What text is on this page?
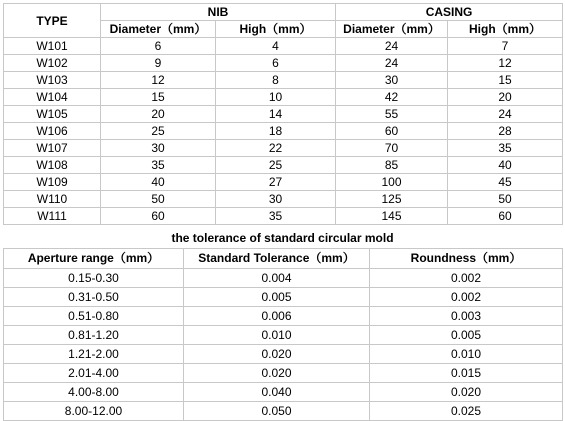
TYPE	NIB		CASING	
	Diameter（mm）	High（mm）	Diameter（mm）	High（mm）
W101	6	4	24	7
W102	9	6	24	12
W103	12	8	30	15
W104	15	10	42	20
W105	20	14	55	24
W106	25	18	60	28
W107	30	22	70	35
W108	35	25	85	40
W109	40	27	100	45
W110	50	30	125	50
W111	60	35	145	60
the tolerance of standard circular mold
Aperture range（mm）	Standard Tolerance（mm）	Roundness（mm）
0.15-0.30	0.004	0.002
0.31-0.50	0.005	0.002
0.51-0.80	0.006	0.003
0.81-1.20	0.010	0.005
1.21-2.00	0.020	0.010
2.01-4.00	0.020	0.015
4.00-8.00	0.040	0.020
8.00-12.00	0.050	0.025
